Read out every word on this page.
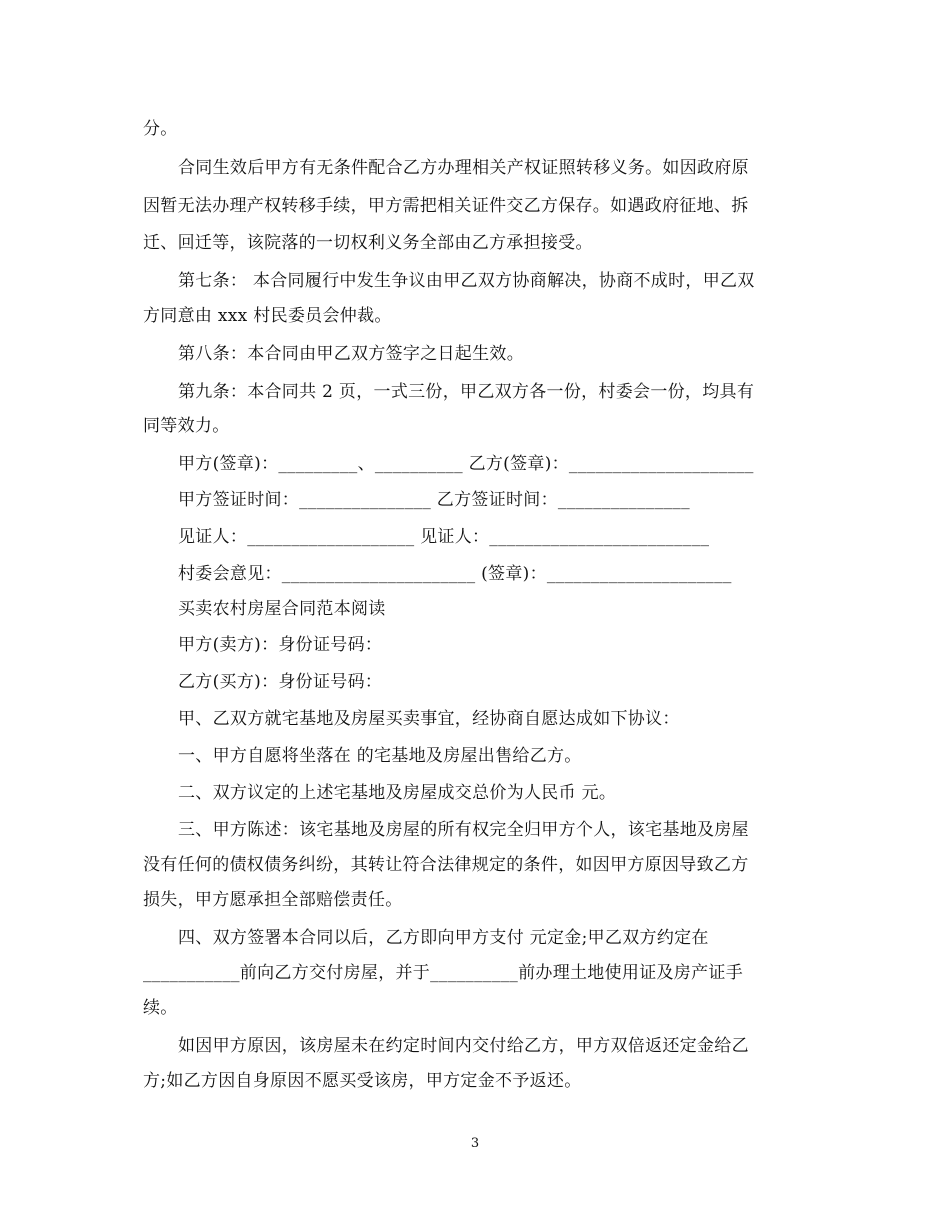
分。
合同生效后甲方有无条件配合乙方办理相关产权证照转移义务。如因政府原
因暂无法办理产权转移手续，甲方需把相关证件交乙方保存。如遇政府征地、拆
迁、回迁等，该院落的一切权利义务全部由乙方承担接受。
第七条： 本合同履行中发生争议由甲乙双方协商解决，协商不成时，甲乙双
方同意由 xxx 村民委员会仲裁。
第八条：本合同由甲乙双方签字之日起生效。
第九条：本合同共 2 页，一式三份，甲乙双方各一份，村委会一份，均具有
同等效力。
甲方(签章)：_________、__________ 乙方(签章)：_____________________
甲方签证时间：_______________ 乙方签证时间：_______________
见证人：___________________ 见证人：_________________________
村委会意见：______________________ (签章)：_____________________
买卖农村房屋合同范本阅读
甲方(卖方)：身份证号码：
乙方(买方)：身份证号码：
甲、乙双方就宅基地及房屋买卖事宜，经协商自愿达成如下协议：
一、甲方自愿将坐落在 的宅基地及房屋出售给乙方。
二、双方议定的上述宅基地及房屋成交总价为人民币 元。
三、甲方陈述：该宅基地及房屋的所有权完全归甲方个人，该宅基地及房屋
没有任何的债权债务纠纷，其转让符合法律规定的条件，如因甲方原因导致乙方
损失，甲方愿承担全部赔偿责任。
四、双方签署本合同以后，乙方即向甲方支付 元定金;甲乙双方约定在
___________前向乙方交付房屋，并于__________前办理土地使用证及房产证手
续。
如因甲方原因，该房屋未在约定时间内交付给乙方，甲方双倍返还定金给乙
方;如乙方因自身原因不愿买受该房，甲方定金不予返还。
3
